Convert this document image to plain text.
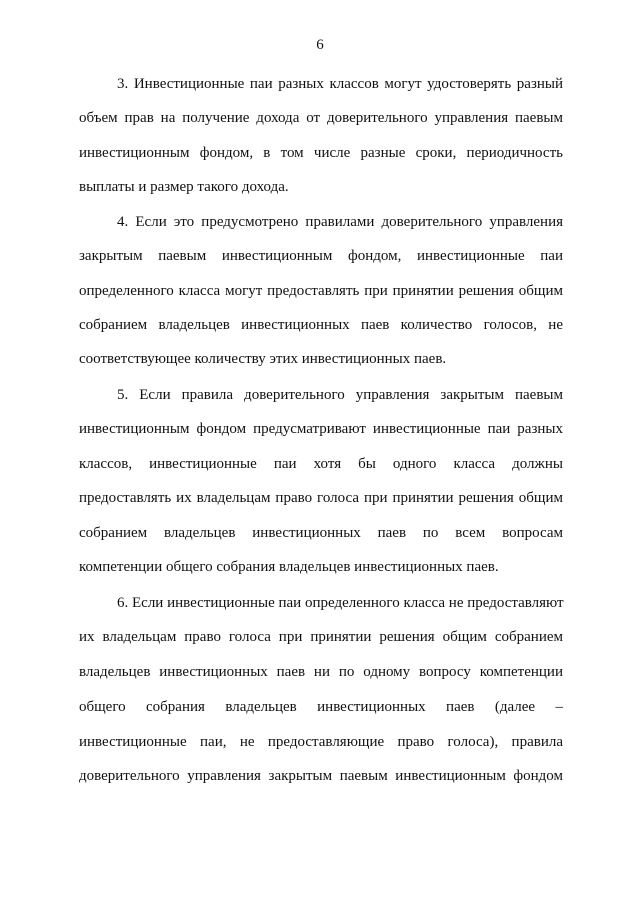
6
3. Инвестиционные паи разных классов могут удостоверять разный
объем прав на получение дохода от доверительного управления паевым
инвестиционным фондом, в том числе разные сроки, периодичность
выплаты и размер такого дохода.
4. Если это предусмотрено правилами доверительного управления
закрытым паевым инвестиционным фондом, инвестиционные паи
определенного класса могут предоставлять при принятии решения общим
собранием владельцев инвестиционных паев количество голосов, не
соответствующее количеству этих инвестиционных паев.
5. Если правила доверительного управления закрытым паевым
инвестиционным фондом предусматривают инвестиционные паи разных
классов, инвестиционные паи хотя бы одного класса должны
предоставлять их владельцам право голоса при принятии решения общим
собранием владельцев инвестиционных паев по всем вопросам
компетенции общего собрания владельцев инвестиционных паев.
6. Если инвестиционные паи определенного класса не предоставляют
их владельцам право голоса при принятии решения общим собранием
владельцев инвестиционных паев ни по одному вопросу компетенции
общего собрания владельцев инвестиционных паев (далее –
инвестиционные паи, не предоставляющие право голоса), правила
доверительного управления закрытым паевым инвестиционным фондом
